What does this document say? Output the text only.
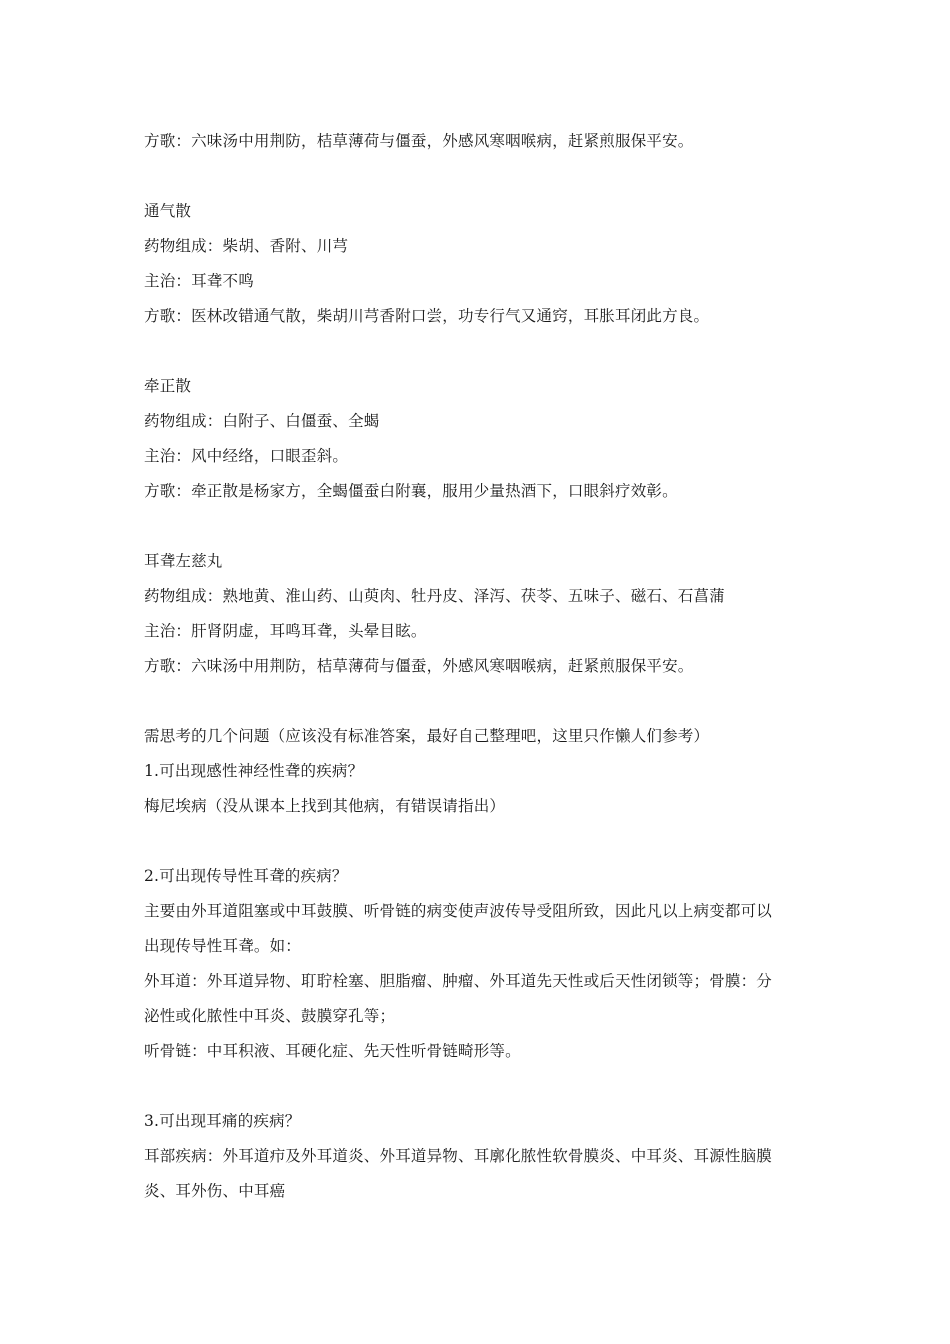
方歌：六味汤中用荆防，桔草薄荷与僵蚕，外感风寒咽喉病，赶紧煎服保平安。
通气散
药物组成：柴胡、香附、川芎
主治：耳聋不鸣
方歌：医林改错通气散，柴胡川芎香附口尝，功专行气又通窍，耳胀耳闭此方良。
牵正散
药物组成：白附子、白僵蚕、全蝎
主治：风中经络，口眼歪斜。
方歌：牵正散是杨家方，全蝎僵蚕白附襄，服用少量热酒下，口眼斜疗效彰。
耳聋左慈丸
药物组成：熟地黄、淮山药、山萸肉、牡丹皮、泽泻、茯苓、五味子、磁石、石菖蒲
主治：肝肾阴虚，耳鸣耳聋，头晕目眩。
方歌：六味汤中用荆防，桔草薄荷与僵蚕，外感风寒咽喉病，赶紧煎服保平安。
需思考的几个问题（应该没有标准答案，最好自己整理吧，这里只作懒人们参考）
1.可出现感性神经性聋的疾病？
梅尼埃病（没从课本上找到其他病，有错误请指出）
2.可出现传导性耳聋的疾病？
主要由外耳道阻塞或中耳鼓膜、听骨链的病变使声波传导受阻所致，因此凡以上病变都可以
出现传导性耳聋。如：
外耳道：外耳道异物、耵聍栓塞、胆脂瘤、肿瘤、外耳道先天性或后天性闭锁等；骨膜：分
泌性或化脓性中耳炎、鼓膜穿孔等；
听骨链：中耳积液、耳硬化症、先天性听骨链畸形等。
3.可出现耳痛的疾病？
耳部疾病：外耳道疖及外耳道炎、外耳道异物、耳廓化脓性软骨膜炎、中耳炎、耳源性脑膜
炎、耳外伤、中耳癌
